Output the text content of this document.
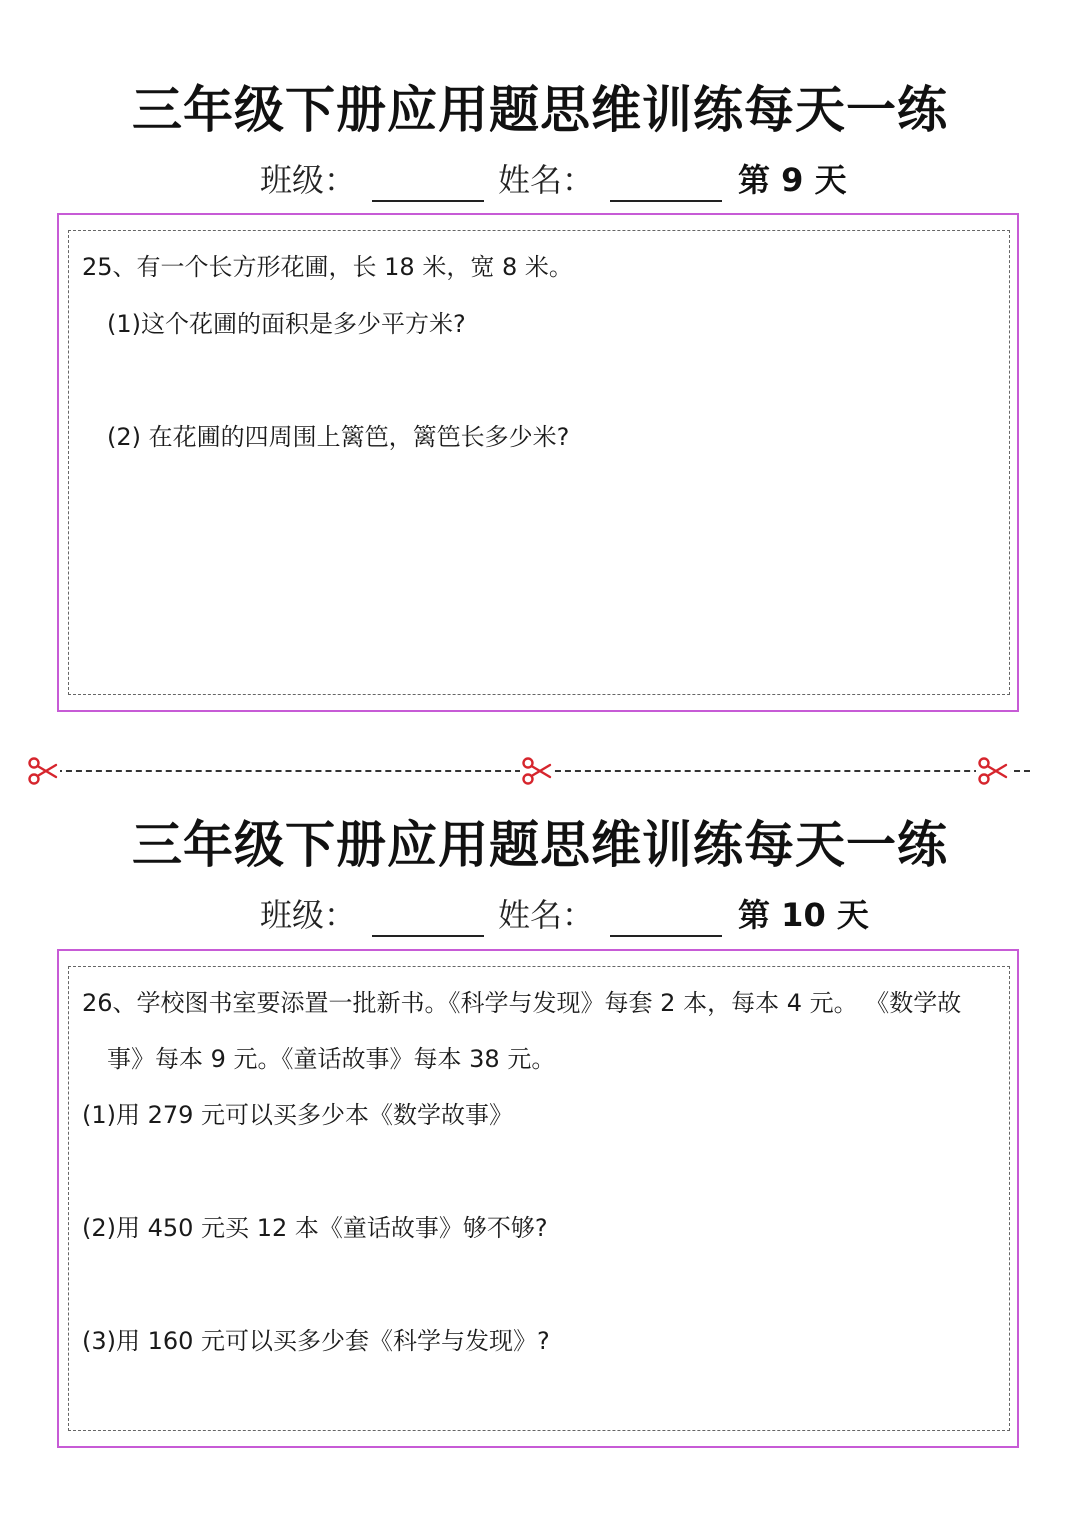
三年级下册应用题思维训练每天一练
班级：	姓名：	第 9 天
25、有一个长方形花圃，长 18 米，宽 8 米。
(1)这个花圃的面积是多少平方米?
(2) 在花圃的四周围上篱笆，篱笆长多少米?
三年级下册应用题思维训练每天一练
班级：	姓名：	第 10 天
26、学校图书室要添置一批新书。《科学与发现》每套 2 本，每本 4 元。 《数学故
事》每本 9 元。《童话故事》每本 38 元。
(1)用 279 元可以买多少本《数学故事》
(2)用 450 元买 12 本《童话故事》够不够?
(3)用 160 元可以买多少套《科学与发现》?
